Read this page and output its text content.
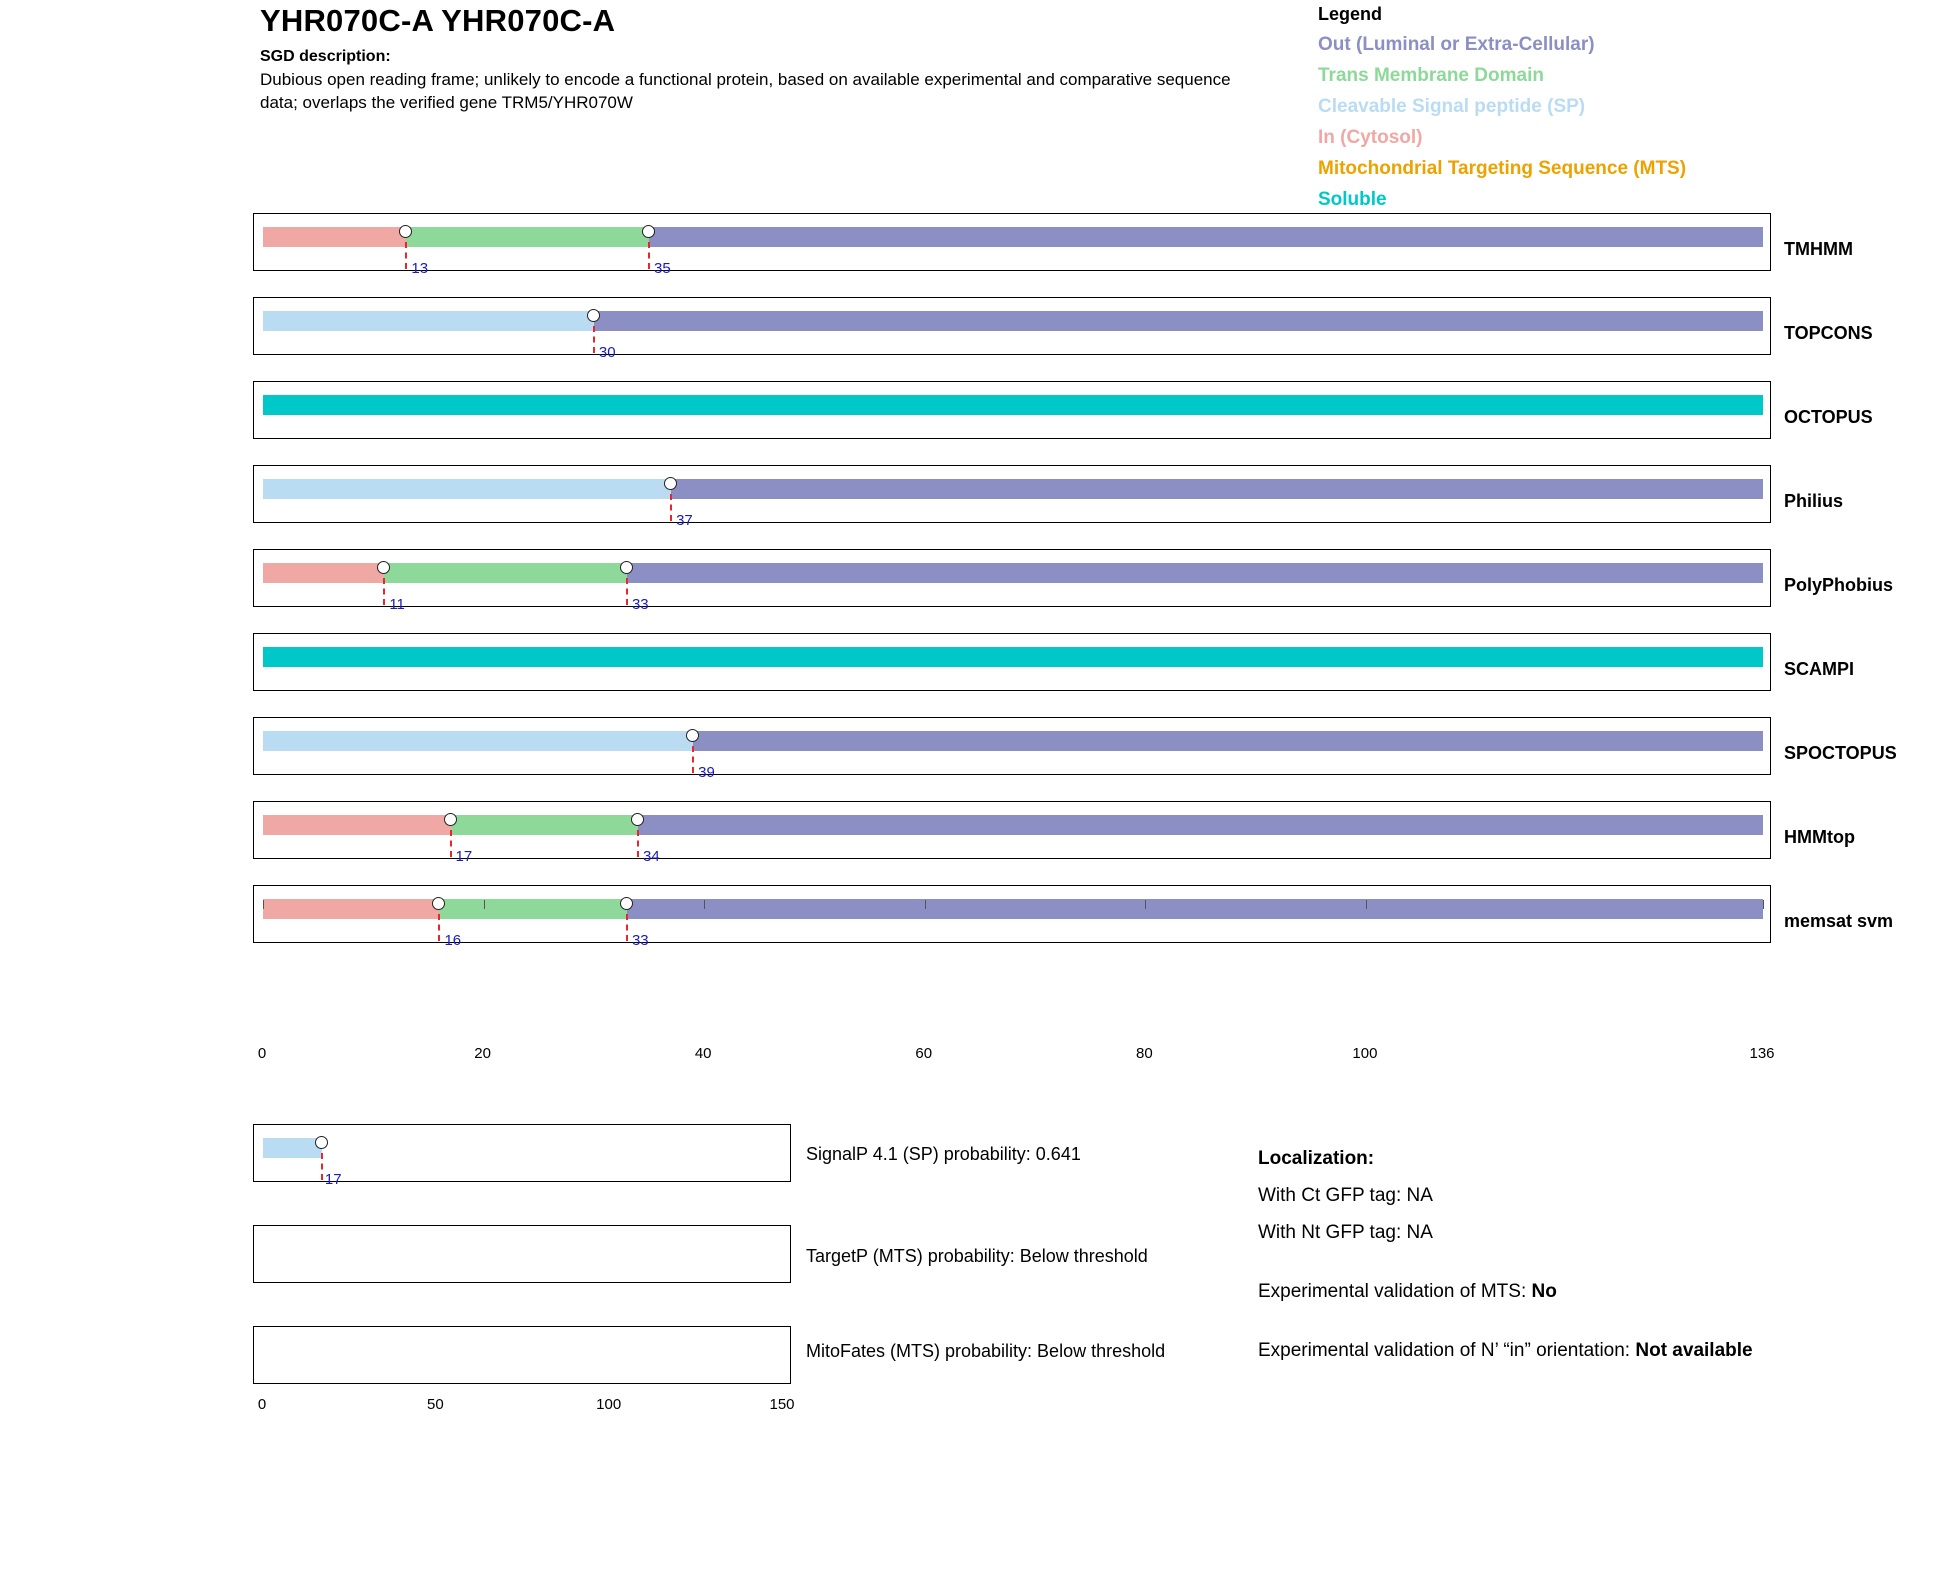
YHR070C-A YHR070C-A
SGD description:
Dubious open reading frame; unlikely to encode a functional protein, based on available experimental and comparative sequence data; overlaps the verified gene TRM5/YHR070W
Legend
Out (Luminal or Extra-Cellular)
Trans Membrane Domain
Cleavable Signal peptide (SP)
In (Cytosol)
Mitochondrial Targeting Sequence (MTS)
Soluble
0	20	40	60	80	100	136
0	50	100	150
Localization:
With Ct GFP tag: NA
With Nt GFP tag: NA
Experimental validation of MTS: No
Experimental validation of N’ “in” orientation: Not available
13	35
TMHMM
30
TOPCONS
OCTOPUS
37
Philius
11	33
PolyPhobius
SCAMPI
39
SPOCTOPUS
17	34
HMMtop
16	33
memsat svm
17
SignalP 4.1 (SP) probability: 0.641
TargetP (MTS) probability: Below threshold
MitoFates (MTS) probability: Below threshold
